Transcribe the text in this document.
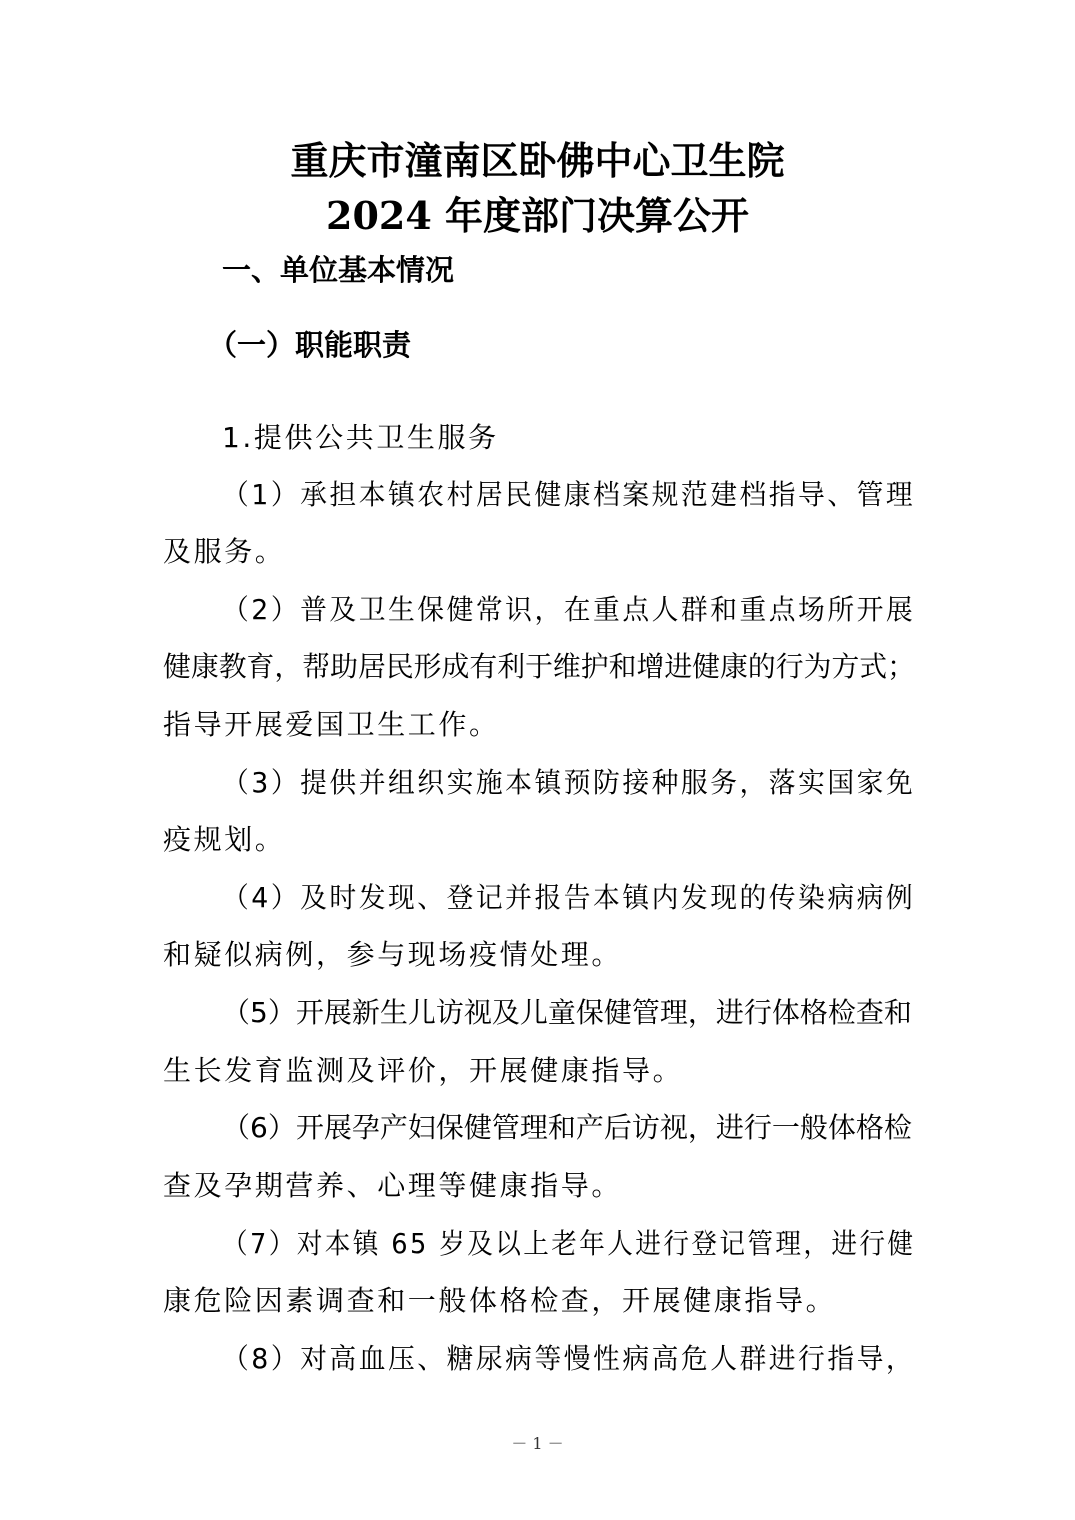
重庆市潼南区卧佛中心卫生院
2024 年度部门决算公开
一、单位基本情况
（一）职能职责
1.提供公共卫生服务
（1）承担本镇农村居民健康档案规范建档指导、管理
及服务。
（2）普及卫生保健常识，在重点人群和重点场所开展
健康教育，帮助居民形成有利于维护和增进健康的行为方式；
指导开展爱国卫生工作。
（3）提供并组织实施本镇预防接种服务，落实国家免
疫规划。
（4）及时发现、登记并报告本镇内发现的传染病病例
和疑似病例，参与现场疫情处理。
（5）开展新生儿访视及儿童保健管理，进行体格检查和
生长发育监测及评价，开展健康指导。
（6）开展孕产妇保健管理和产后访视，进行一般体格检
查及孕期营养、心理等健康指导。
（7）对本镇 65 岁及以上老年人进行登记管理，进行健
康危险因素调查和一般体格检查，开展健康指导。
（8）对高血压、糖尿病等慢性病高危人群进行指导，
－ 1 －
